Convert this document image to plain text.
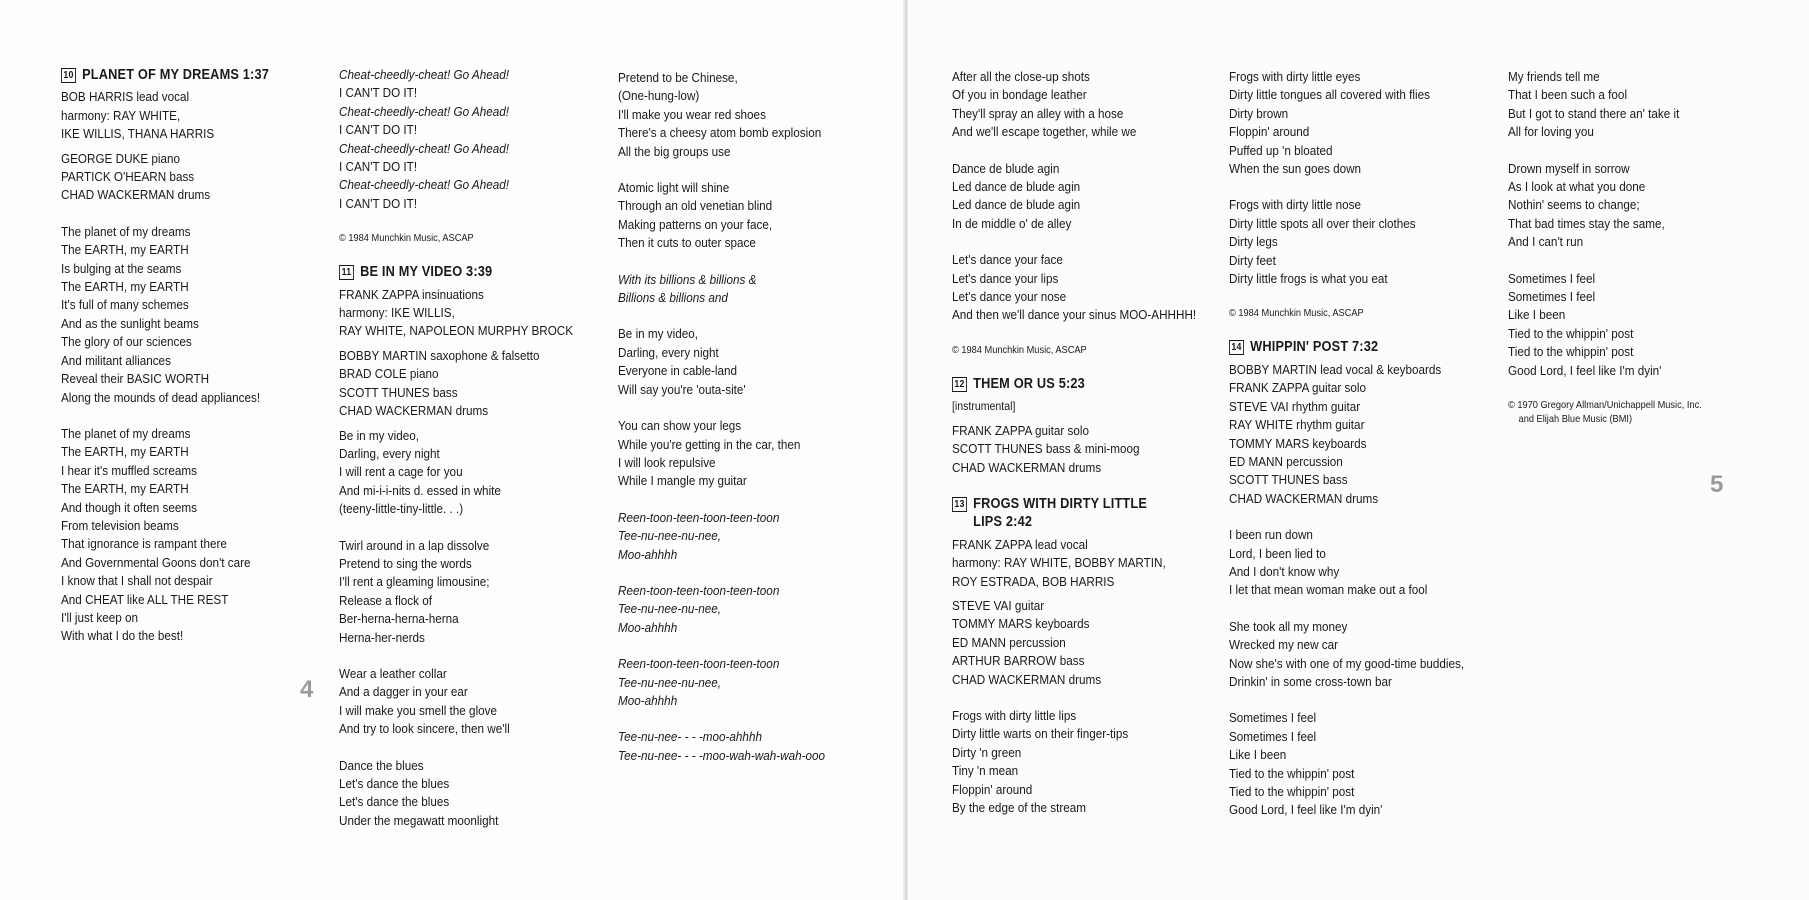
10 PLANET OF MY DREAMS 1:37
BOB HARRIS lead vocal
harmony: RAY WHITE,
IKE WILLIS, THANA HARRIS
GEORGE DUKE piano
PARTICK O'HEARN bass
CHAD WACKERMAN drums
The planet of my dreams
The EARTH, my EARTH
Is bulging at the seams
The EARTH, my EARTH
It's full of many schemes
And as the sunlight beams
The glory of our sciences
And militant alliances
Reveal their BASIC WORTH
Along the mounds of dead appliances!
The planet of my dreams
The EARTH, my EARTH
I hear it's muffled screams
The EARTH, my EARTH
And though it often seems
From television beams
That ignorance is rampant there
And Governmental Goons don't care
I know that I shall not despair
And CHEAT like ALL THE REST
I'll just keep on
With what I do the best!
4
Cheat-cheedly-cheat! Go Ahead!
I CAN'T DO IT!
Cheat-cheedly-cheat! Go Ahead!
I CAN'T DO IT!
Cheat-cheedly-cheat! Go Ahead!
I CAN'T DO IT!
Cheat-cheedly-cheat! Go Ahead!
I CAN'T DO IT!
© 1984 Munchkin Music, ASCAP
11 BE IN MY VIDEO 3:39
FRANK ZAPPA insinuations
harmony: IKE WILLIS,
RAY WHITE, NAPOLEON MURPHY BROCK
BOBBY MARTIN saxophone & falsetto
BRAD COLE piano
SCOTT THUNES bass
CHAD WACKERMAN drums
Be in my video,
Darling, every night
I will rent a cage for you
And mi-i-i-nits d. essed in white
(teeny-little-tiny-little. . .)
Twirl around in a lap dissolve
Pretend to sing the words
I'll rent a gleaming limousine;
Release a flock of
Ber-herna-herna-herna
Herna-her-nerds
Wear a leather collar
And a dagger in your ear
I will make you smell the glove
And try to look sincere, then we'll
Dance the blues
Let's dance the blues
Let's dance the blues
Under the megawatt moonlight
Pretend to be Chinese,
(One-hung-low)
I'll make you wear red shoes
There's a cheesy atom bomb explosion
All the big groups use
Atomic light will shine
Through an old venetian blind
Making patterns on your face,
Then it cuts to outer space
With its billions & billions &
Billions & billions and
Be in my video,
Darling, every night
Everyone in cable-land
Will say you're 'outa-site'
You can show your legs
While you're getting in the car, then
I will look repulsive
While I mangle my guitar
Reen-toon-teen-toon-teen-toon
Tee-nu-nee-nu-nee,
Moo-ahhhh
Reen-toon-teen-toon-teen-toon
Tee-nu-nee-nu-nee,
Moo-ahhhh
Reen-toon-teen-toon-teen-toon
Tee-nu-nee-nu-nee,
Moo-ahhhh
Tee-nu-nee- - - -moo-ahhhh
Tee-nu-nee- - - -moo-wah-wah-wah-ooo
After all the close-up shots
Of you in bondage leather
They'll spray an alley with a hose
And we'll escape together, while we
Dance de blude agin
Led dance de blude agin
Led dance de blude agin
In de middle o' de alley
Let's dance your face
Let's dance your lips
Let's dance your nose
And then we'll dance your sinus MOO-AHHHH!
© 1984 Munchkin Music, ASCAP
12 THEM OR US 5:23
[instrumental]
FRANK ZAPPA guitar solo
SCOTT THUNES bass & mini-moog
CHAD WACKERMAN drums
13 FROGS WITH DIRTY LITTLE
LIPS 2:42
FRANK ZAPPA lead vocal
harmony: RAY WHITE, BOBBY MARTIN,
ROY ESTRADA, BOB HARRIS
STEVE VAI guitar
TOMMY MARS keyboards
ED MANN percussion
ARTHUR BARROW bass
CHAD WACKERMAN drums
Frogs with dirty little lips
Dirty little warts on their finger-tips
Dirty 'n green
Tiny 'n mean
Floppin' around
By the edge of the stream
Frogs with dirty little eyes
Dirty little tongues all covered with flies
Dirty brown
Floppin' around
Puffed up 'n bloated
When the sun goes down
Frogs with dirty little nose
Dirty little spots all over their clothes
Dirty legs
Dirty feet
Dirty little frogs is what you eat
© 1984 Munchkin Music, ASCAP
14 WHIPPIN' POST 7:32
BOBBY MARTIN lead vocal & keyboards
FRANK ZAPPA guitar solo
STEVE VAI rhythm guitar
RAY WHITE rhythm guitar
TOMMY MARS keyboards
ED MANN percussion
SCOTT THUNES bass
CHAD WACKERMAN drums
I been run down
Lord, I been lied to
And I don't know why
I let that mean woman make out a fool
She took all my money
Wrecked my new car
Now she's with one of my good-time buddies,
Drinkin' in some cross-town bar
Sometimes I feel
Sometimes I feel
Like I been
Tied to the whippin' post
Tied to the whippin' post
Good Lord, I feel like I'm dyin'
My friends tell me
That I been such a fool
But I got to stand there an' take it
All for loving you
Drown myself in sorrow
As I look at what you done
Nothin' seems to change;
That bad times stay the same,
And I can't run
Sometimes I feel
Sometimes I feel
Like I been
Tied to the whippin' post
Tied to the whippin' post
Good Lord, I feel like I'm dyin'
© 1970 Gregory Allman/Unichappell Music, Inc.
and Elijah Blue Music (BMI)
5
